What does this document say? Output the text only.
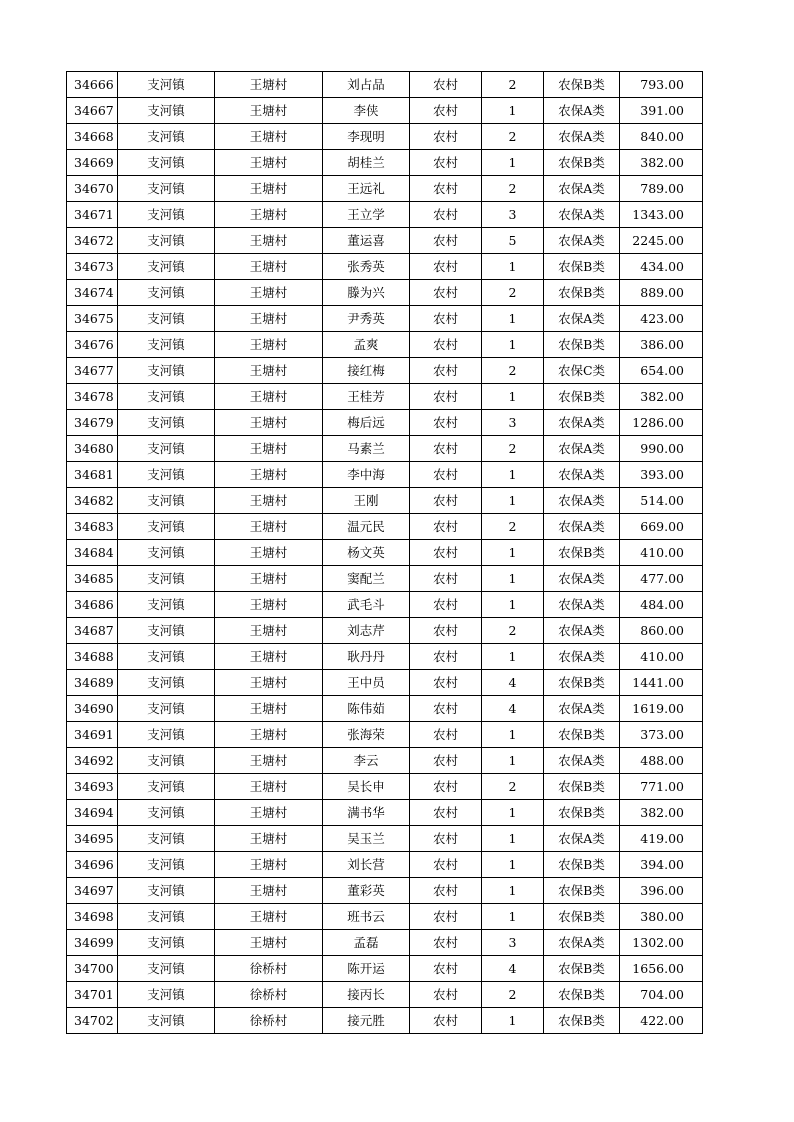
34666	支河镇	王塘村	刘占品	农村	2	农保B类	793.00
34667	支河镇	王塘村	李侠	农村	1	农保A类	391.00
34668	支河镇	王塘村	李现明	农村	2	农保A类	840.00
34669	支河镇	王塘村	胡桂兰	农村	1	农保B类	382.00
34670	支河镇	王塘村	王远礼	农村	2	农保A类	789.00
34671	支河镇	王塘村	王立学	农村	3	农保A类	1343.00
34672	支河镇	王塘村	董运喜	农村	5	农保A类	2245.00
34673	支河镇	王塘村	张秀英	农村	1	农保B类	434.00
34674	支河镇	王塘村	滕为兴	农村	2	农保B类	889.00
34675	支河镇	王塘村	尹秀英	农村	1	农保A类	423.00
34676	支河镇	王塘村	孟爽	农村	1	农保B类	386.00
34677	支河镇	王塘村	接红梅	农村	2	农保C类	654.00
34678	支河镇	王塘村	王桂芳	农村	1	农保B类	382.00
34679	支河镇	王塘村	梅后远	农村	3	农保A类	1286.00
34680	支河镇	王塘村	马素兰	农村	2	农保A类	990.00
34681	支河镇	王塘村	李中海	农村	1	农保A类	393.00
34682	支河镇	王塘村	王刚	农村	1	农保A类	514.00
34683	支河镇	王塘村	温元民	农村	2	农保A类	669.00
34684	支河镇	王塘村	杨文英	农村	1	农保B类	410.00
34685	支河镇	王塘村	窦配兰	农村	1	农保A类	477.00
34686	支河镇	王塘村	武毛斗	农村	1	农保A类	484.00
34687	支河镇	王塘村	刘志芹	农村	2	农保A类	860.00
34688	支河镇	王塘村	耿丹丹	农村	1	农保A类	410.00
34689	支河镇	王塘村	王中员	农村	4	农保B类	1441.00
34690	支河镇	王塘村	陈伟茹	农村	4	农保A类	1619.00
34691	支河镇	王塘村	张海荣	农村	1	农保B类	373.00
34692	支河镇	王塘村	李云	农村	1	农保A类	488.00
34693	支河镇	王塘村	吴长申	农村	2	农保B类	771.00
34694	支河镇	王塘村	满书华	农村	1	农保B类	382.00
34695	支河镇	王塘村	吴玉兰	农村	1	农保A类	419.00
34696	支河镇	王塘村	刘长营	农村	1	农保B类	394.00
34697	支河镇	王塘村	董彩英	农村	1	农保B类	396.00
34698	支河镇	王塘村	班书云	农村	1	农保B类	380.00
34699	支河镇	王塘村	孟磊	农村	3	农保A类	1302.00
34700	支河镇	徐桥村	陈开运	农村	4	农保B类	1656.00
34701	支河镇	徐桥村	接丙长	农村	2	农保B类	704.00
34702	支河镇	徐桥村	接元胜	农村	1	农保B类	422.00
